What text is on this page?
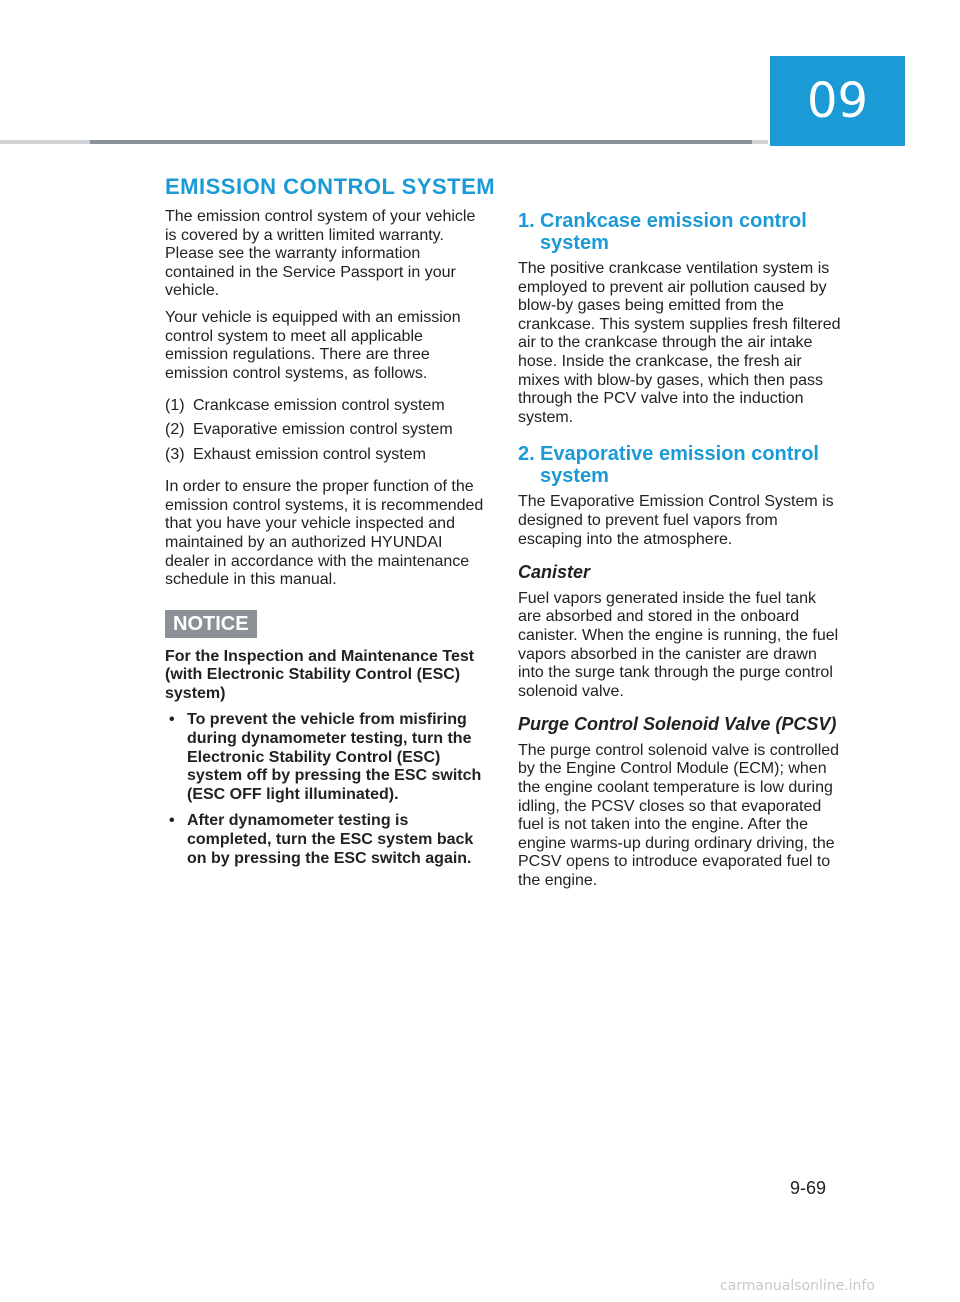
09
EMISSION CONTROL SYSTEM

The emission control system of your vehicle is covered by a written limited warranty. Please see the warranty information contained in the Service Passport in your vehicle.

Your vehicle is equipped with an emission control system to meet all applicable emission regulations. There are three emission control systems, as follows.

(1) Crankcase emission control system
(2) Evaporative emission control system
(3) Exhaust emission control system

In order to ensure the proper function of the emission control systems, it is recommended that you have your vehicle inspected and maintained by an authorized HYUNDAI dealer in accordance with the maintenance schedule in this manual.

NOTICE
For the Inspection and Maintenance Test (with Electronic Stability Control (ESC) system)
• To prevent the vehicle from misfiring during dynamometer testing, turn the Electronic Stability Control (ESC) system off by pressing the ESC switch (ESC OFF light illuminated).
• After dynamometer testing is completed, turn the ESC system back on by pressing the ESC switch again.
1. Crankcase emission control system

The positive crankcase ventilation system is employed to prevent air pollution caused by blow-by gases being emitted from the crankcase. This system supplies fresh filtered air to the crankcase through the air intake hose. Inside the crankcase, the fresh air mixes with blow-by gases, which then pass through the PCV valve into the induction system.

2. Evaporative emission control system

The Evaporative Emission Control System is designed to prevent fuel vapors from escaping into the atmosphere.

Canister

Fuel vapors generated inside the fuel tank are absorbed and stored in the onboard canister. When the engine is running, the fuel vapors absorbed in the canister are drawn into the surge tank through the purge control solenoid valve.

Purge Control Solenoid Valve (PCSV)

The purge control solenoid valve is controlled by the Engine Control Module (ECM); when the engine coolant temperature is low during idling, the PCSV closes so that evaporated fuel is not taken into the engine. After the engine warms-up during ordinary driving, the PCSV opens to introduce evaporated fuel to the engine.

9-69
carmanualsonline.info
